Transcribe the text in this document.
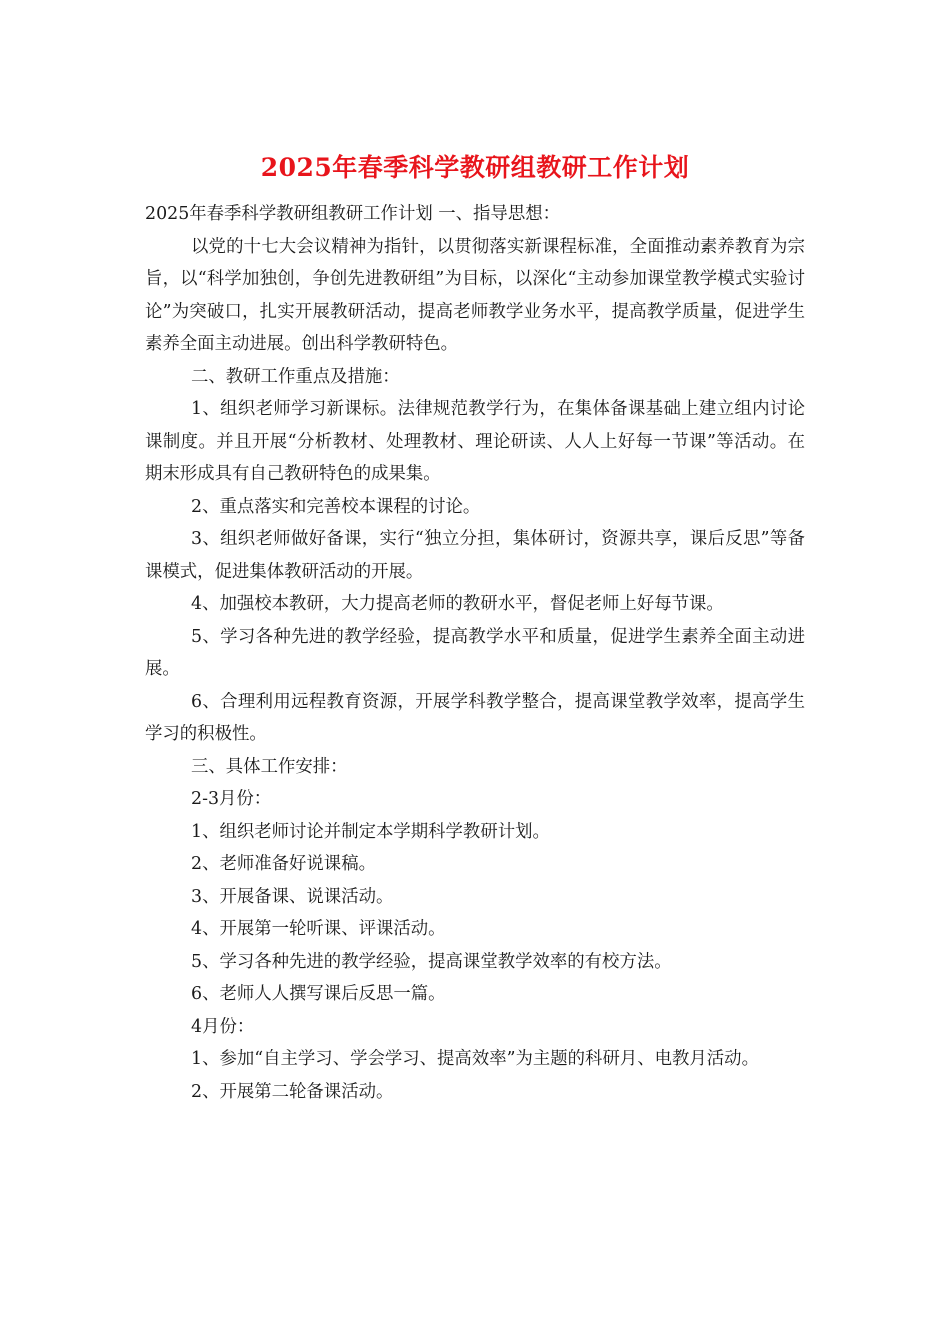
2025年春季科学教研组教研工作计划

2025年春季科学教研组教研工作计划 一、指导思想：

以党的十七大会议精神为指针，以贯彻落实新课程标准，全面推动素养教育为宗旨，以“科学加独创，争创先进教研组”为目标，以深化“主动参加课堂教学模式实验讨论”为突破口，扎实开展教研活动，提高老师教学业务水平，提高教学质量，促进学生素养全面主动进展。创出科学教研特色。

二、教研工作重点及措施：

1、组织老师学习新课标。法律规范教学行为，在集体备课基础上建立组内讨论课制度。并且开展“分析教材、处理教材、理论研读、人人上好每一节课”等活动。在期末形成具有自己教研特色的成果集。

2、重点落实和完善校本课程的讨论。

3、组织老师做好备课，实行“独立分担，集体研讨，资源共享，课后反思”等备课模式，促进集体教研活动的开展。

4、加强校本教研，大力提高老师的教研水平，督促老师上好每节课。

5、学习各种先进的教学经验，提高教学水平和质量，促进学生素养全面主动进展。

6、合理利用远程教育资源，开展学科教学整合，提高课堂教学效率，提高学生学习的积极性。

三、具体工作安排：

2-3月份：

1、组织老师讨论并制定本学期科学教研计划。

2、老师准备好说课稿。

3、开展备课、说课活动。

4、开展第一轮听课、评课活动。

5、学习各种先进的教学经验，提高课堂教学效率的有校方法。

6、老师人人撰写课后反思一篇。

4月份：

1、参加“自主学习、学会学习、提高效率”为主题的科研月、电教月活动。

2、开展第二轮备课活动。
